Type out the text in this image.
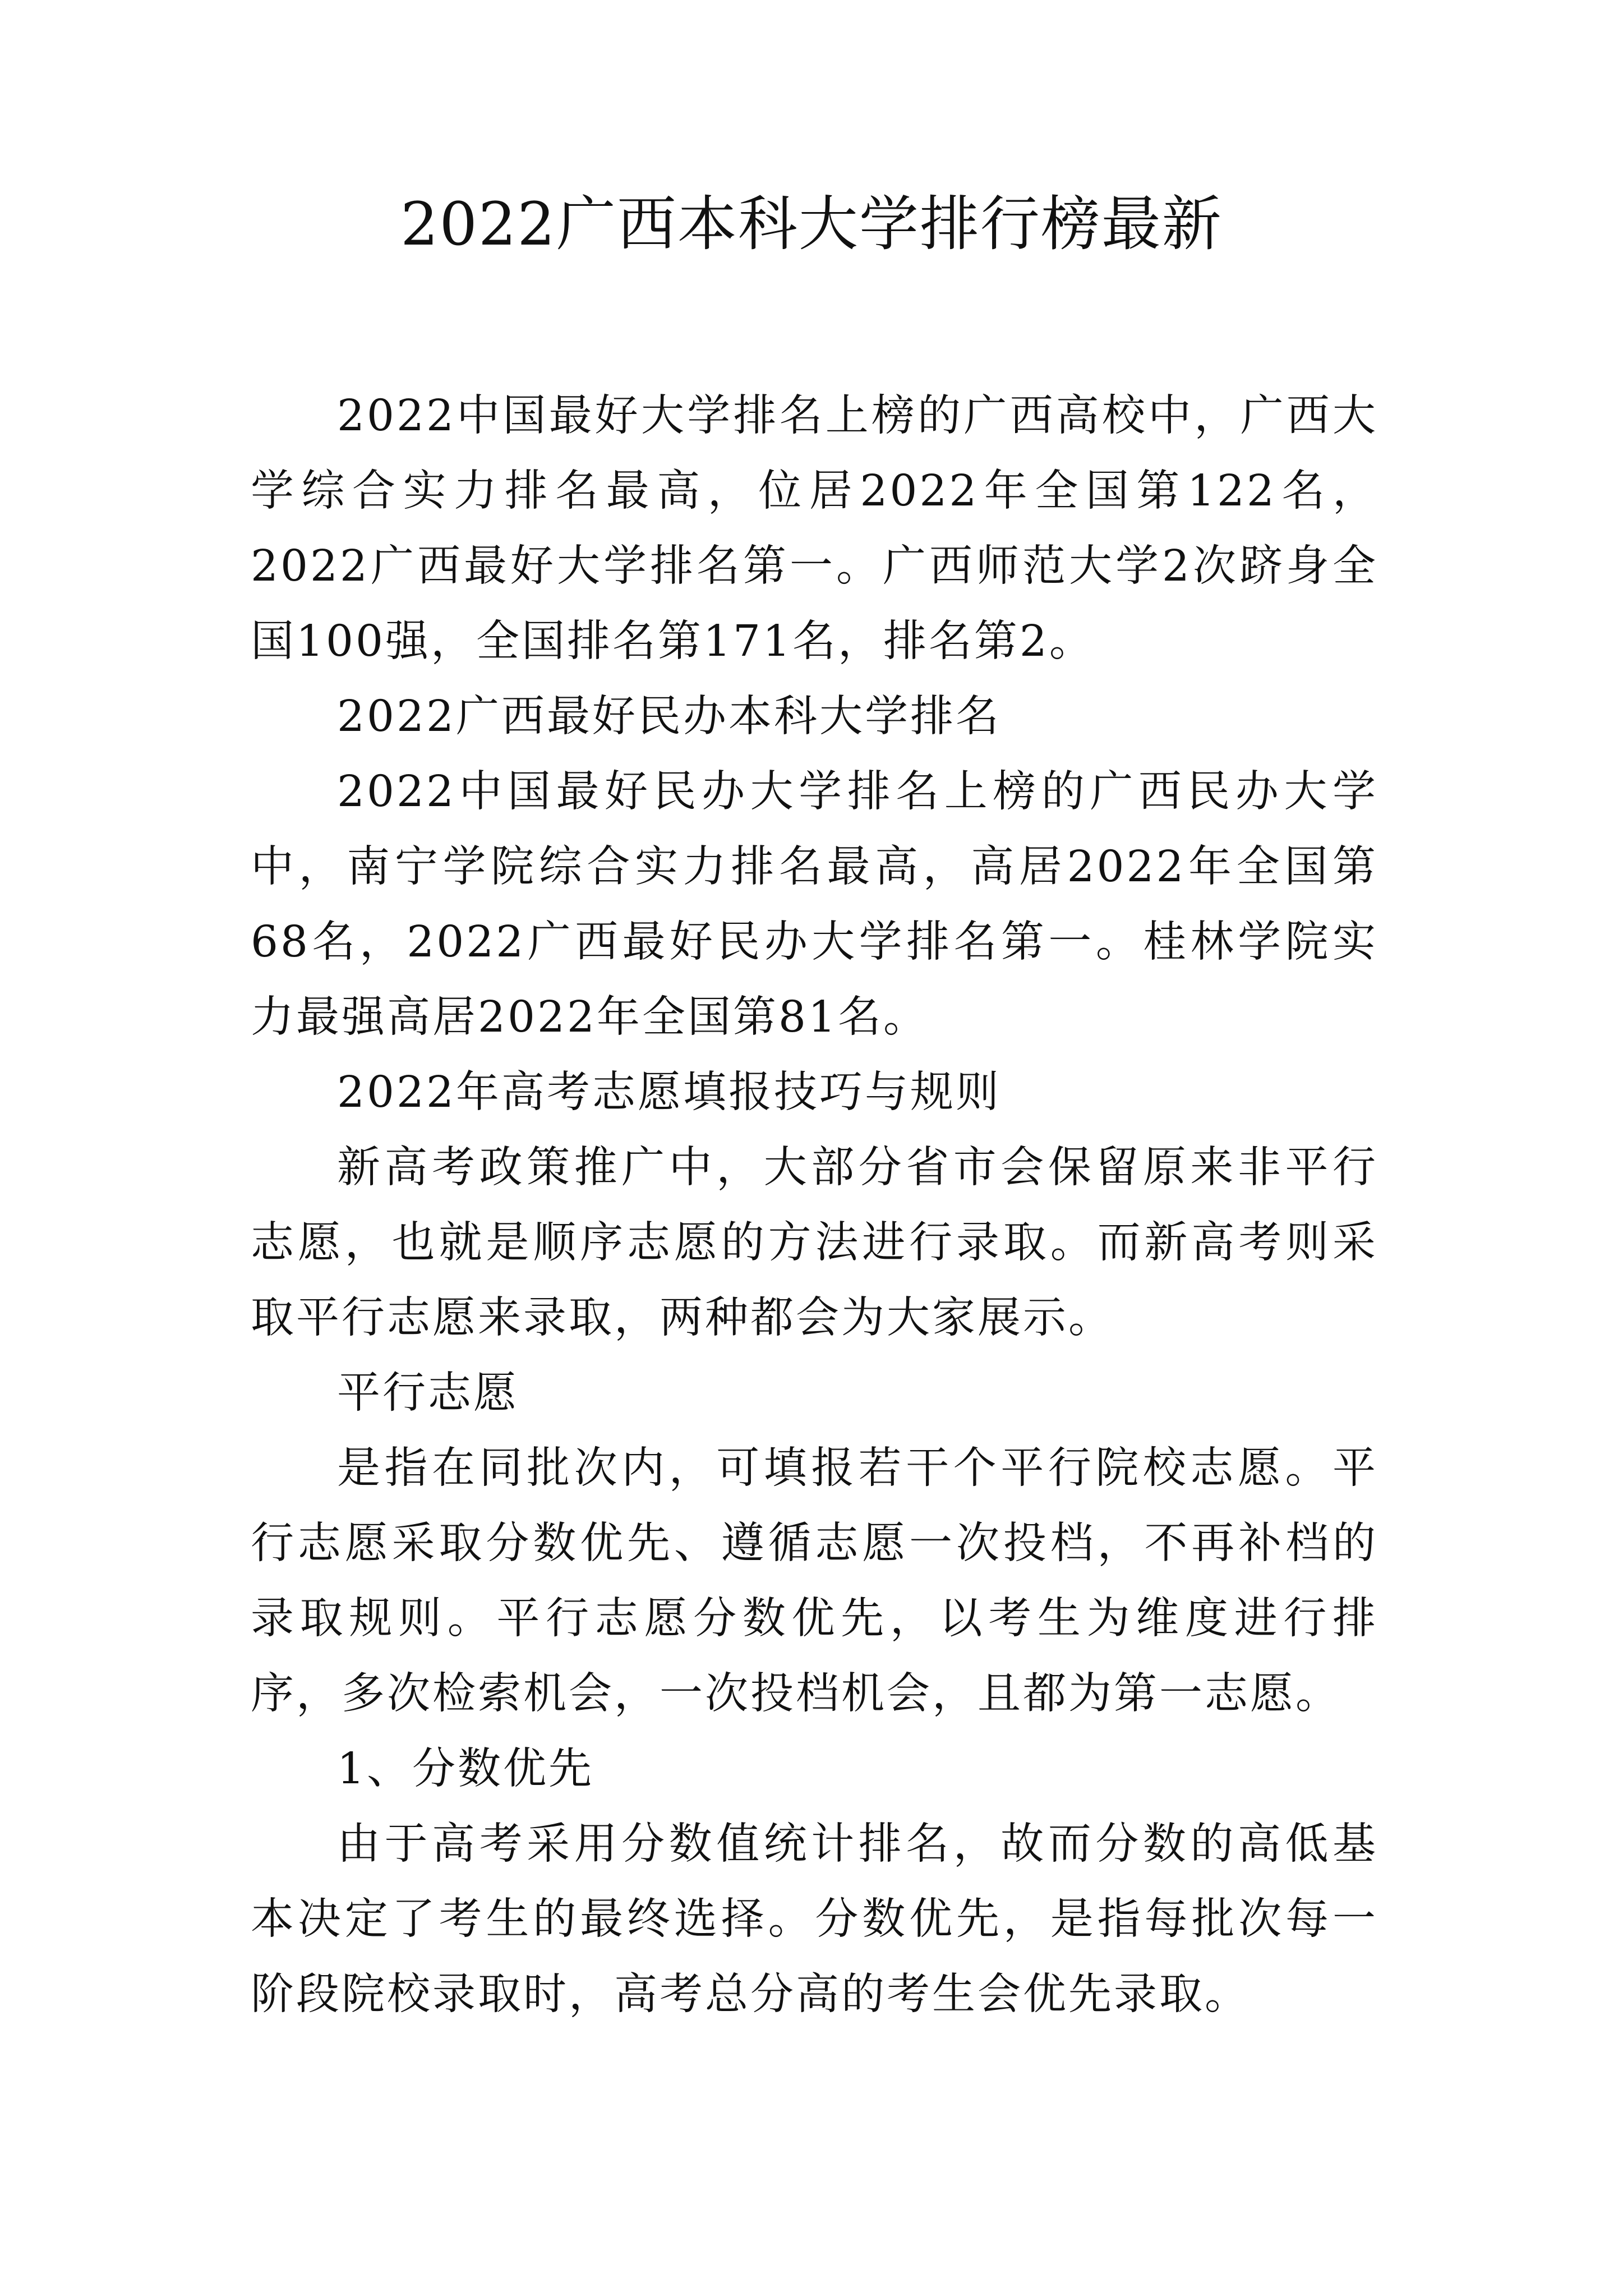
2022广西本科大学排行榜最新

2022中国最好大学排名上榜的广西高校中，广西大学综合实力排名最高，位居2022年全国第122名，2022广西最好大学排名第一。广西师范大学2次跻身全国100强，全国排名第171名，排名第2。

2022广西最好民办本科大学排名

2022中国最好民办大学排名上榜的广西民办大学中，南宁学院综合实力排名最高，高居2022年全国第68名，2022广西最好民办大学排名第一。桂林学院实力最强高居2022年全国第81名。

2022年高考志愿填报技巧与规则

新高考政策推广中，大部分省市会保留原来非平行志愿，也就是顺序志愿的方法进行录取。而新高考则采取平行志愿来录取，两种都会为大家展示。

平行志愿

是指在同批次内，可填报若干个平行院校志愿。平行志愿采取分数优先、遵循志愿一次投档，不再补档的录取规则。平行志愿分数优先，以考生为维度进行排序，多次检索机会，一次投档机会，且都为第一志愿。

1、分数优先

由于高考采用分数值统计排名，故而分数的高低基本决定了考生的最终选择。分数优先，是指每批次每一阶段院校录取时，高考总分高的考生会优先录取。
